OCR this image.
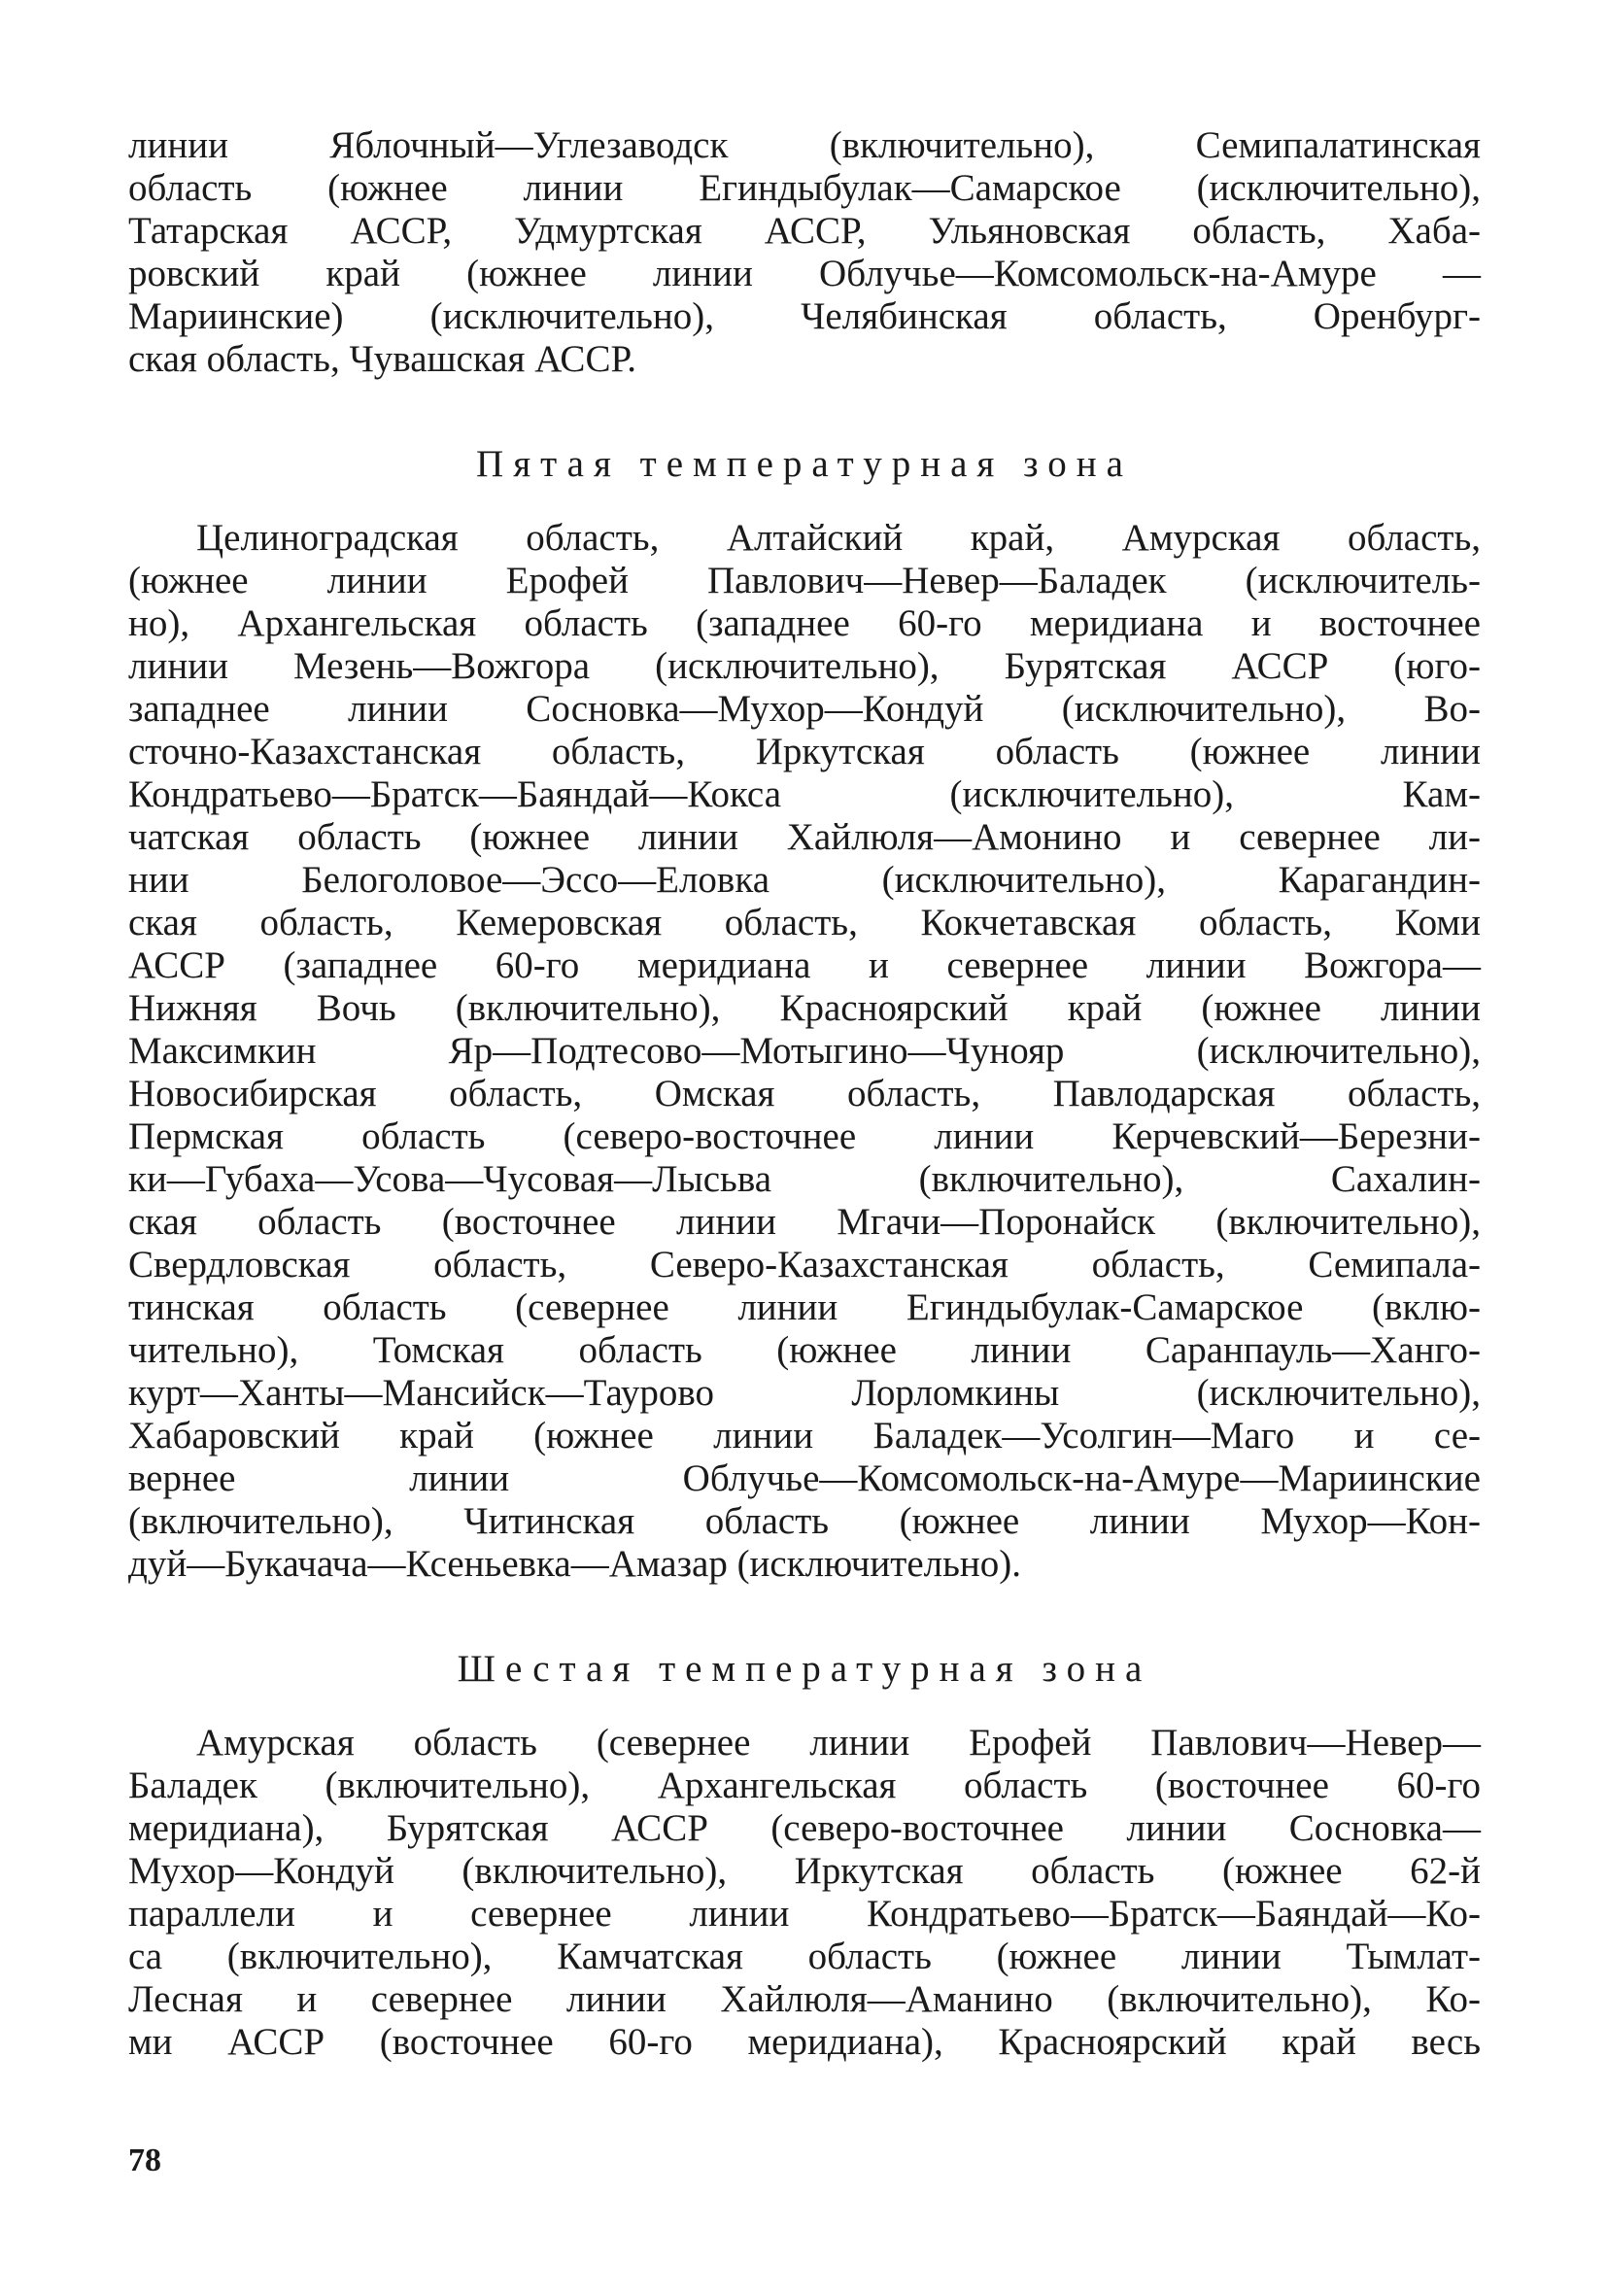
линии Яблочный—Углезаводск (включительно), Семипалатинская
область (южнее линии Егиндыбулак—Самарское (исключительно),
Татарская АССР, Удмуртская АССР, Ульяновская область, Хаба-
ровский край (южнее линии Облучье—Комсомольск-на-Амуре —
Мариинские) (исключительно), Челябинская область, Оренбург-
ская область, Чувашская АССР.
Пятая температурная зона
Целиноградская область, Алтайский край, Амурская область,
(южнее линии Ерофей Павлович—Невер—Баладек (исключитель-
но), Архангельская область (западнее 60-го меридиана и восточнее
линии Мезень—Вожгора (исключительно), Бурятская АССР (юго-
западнее линии Сосновка—Мухор—Кондуй (исключительно), Во-
сточно-Казахстанская область, Иркутская область (южнее линии
Кондратьево—Братск—Баяндай—Кокса (исключительно), Кам-
чатская область (южнее линии Хайлюля—Амонино и севернее ли-
нии Белоголовое—Эссо—Еловка (исключительно), Карагандин-
ская область, Кемеровская область, Кокчетавская область, Коми
АССР (западнее 60-го меридиана и севернее линии Вожгора—
Нижняя Вочь (включительно), Красноярский край (южнее линии
Максимкин Яр—Подтесово—Мотыгино—Чунояр (исключительно),
Новосибирская область, Омская область, Павлодарская область,
Пермская область (северо-восточнее линии Керчевский—Березни-
ки—Губаха—Усова—Чусовая—Лысьва (включительно), Сахалин-
ская область (восточнее линии Мгачи—Поронайск (включительно),
Свердловская область, Северо-Казахстанская область, Семипала-
тинская область (севернее линии Егиндыбулак-Самарское (вклю-
чительно), Томская область (южнее линии Саранпауль—Ханго-
курт—Ханты—Мансийск—Таурово Лорломкины (исключительно),
Хабаровский край (южнее линии Баладек—Усолгин—Маго и се-
вернее линии Облучье—Комсомольск-на-Амуре—Мариинские
(включительно), Читинская область (южнее линии Мухор—Кон-
дуй—Букачача—Ксеньевка—Амазар (исключительно).
Шестая температурная зона
Амурская область (севернее линии Ерофей Павлович—Невер—
Баладек (включительно), Архангельская область (восточнее 60-го
меридиана), Бурятская АССР (северо-восточнее линии Сосновка—
Мухор—Кондуй (включительно), Иркутская область (южнее 62-й
параллели и севернее линии Кондратьево—Братск—Баяндай—Ко-
са (включительно), Камчатская область (южнее линии Тымлат-
Лесная и севернее линии Хайлюля—Аманино (включительно), Ко-
ми АССР (восточнее 60-го меридиана), Красноярский край весь
78
